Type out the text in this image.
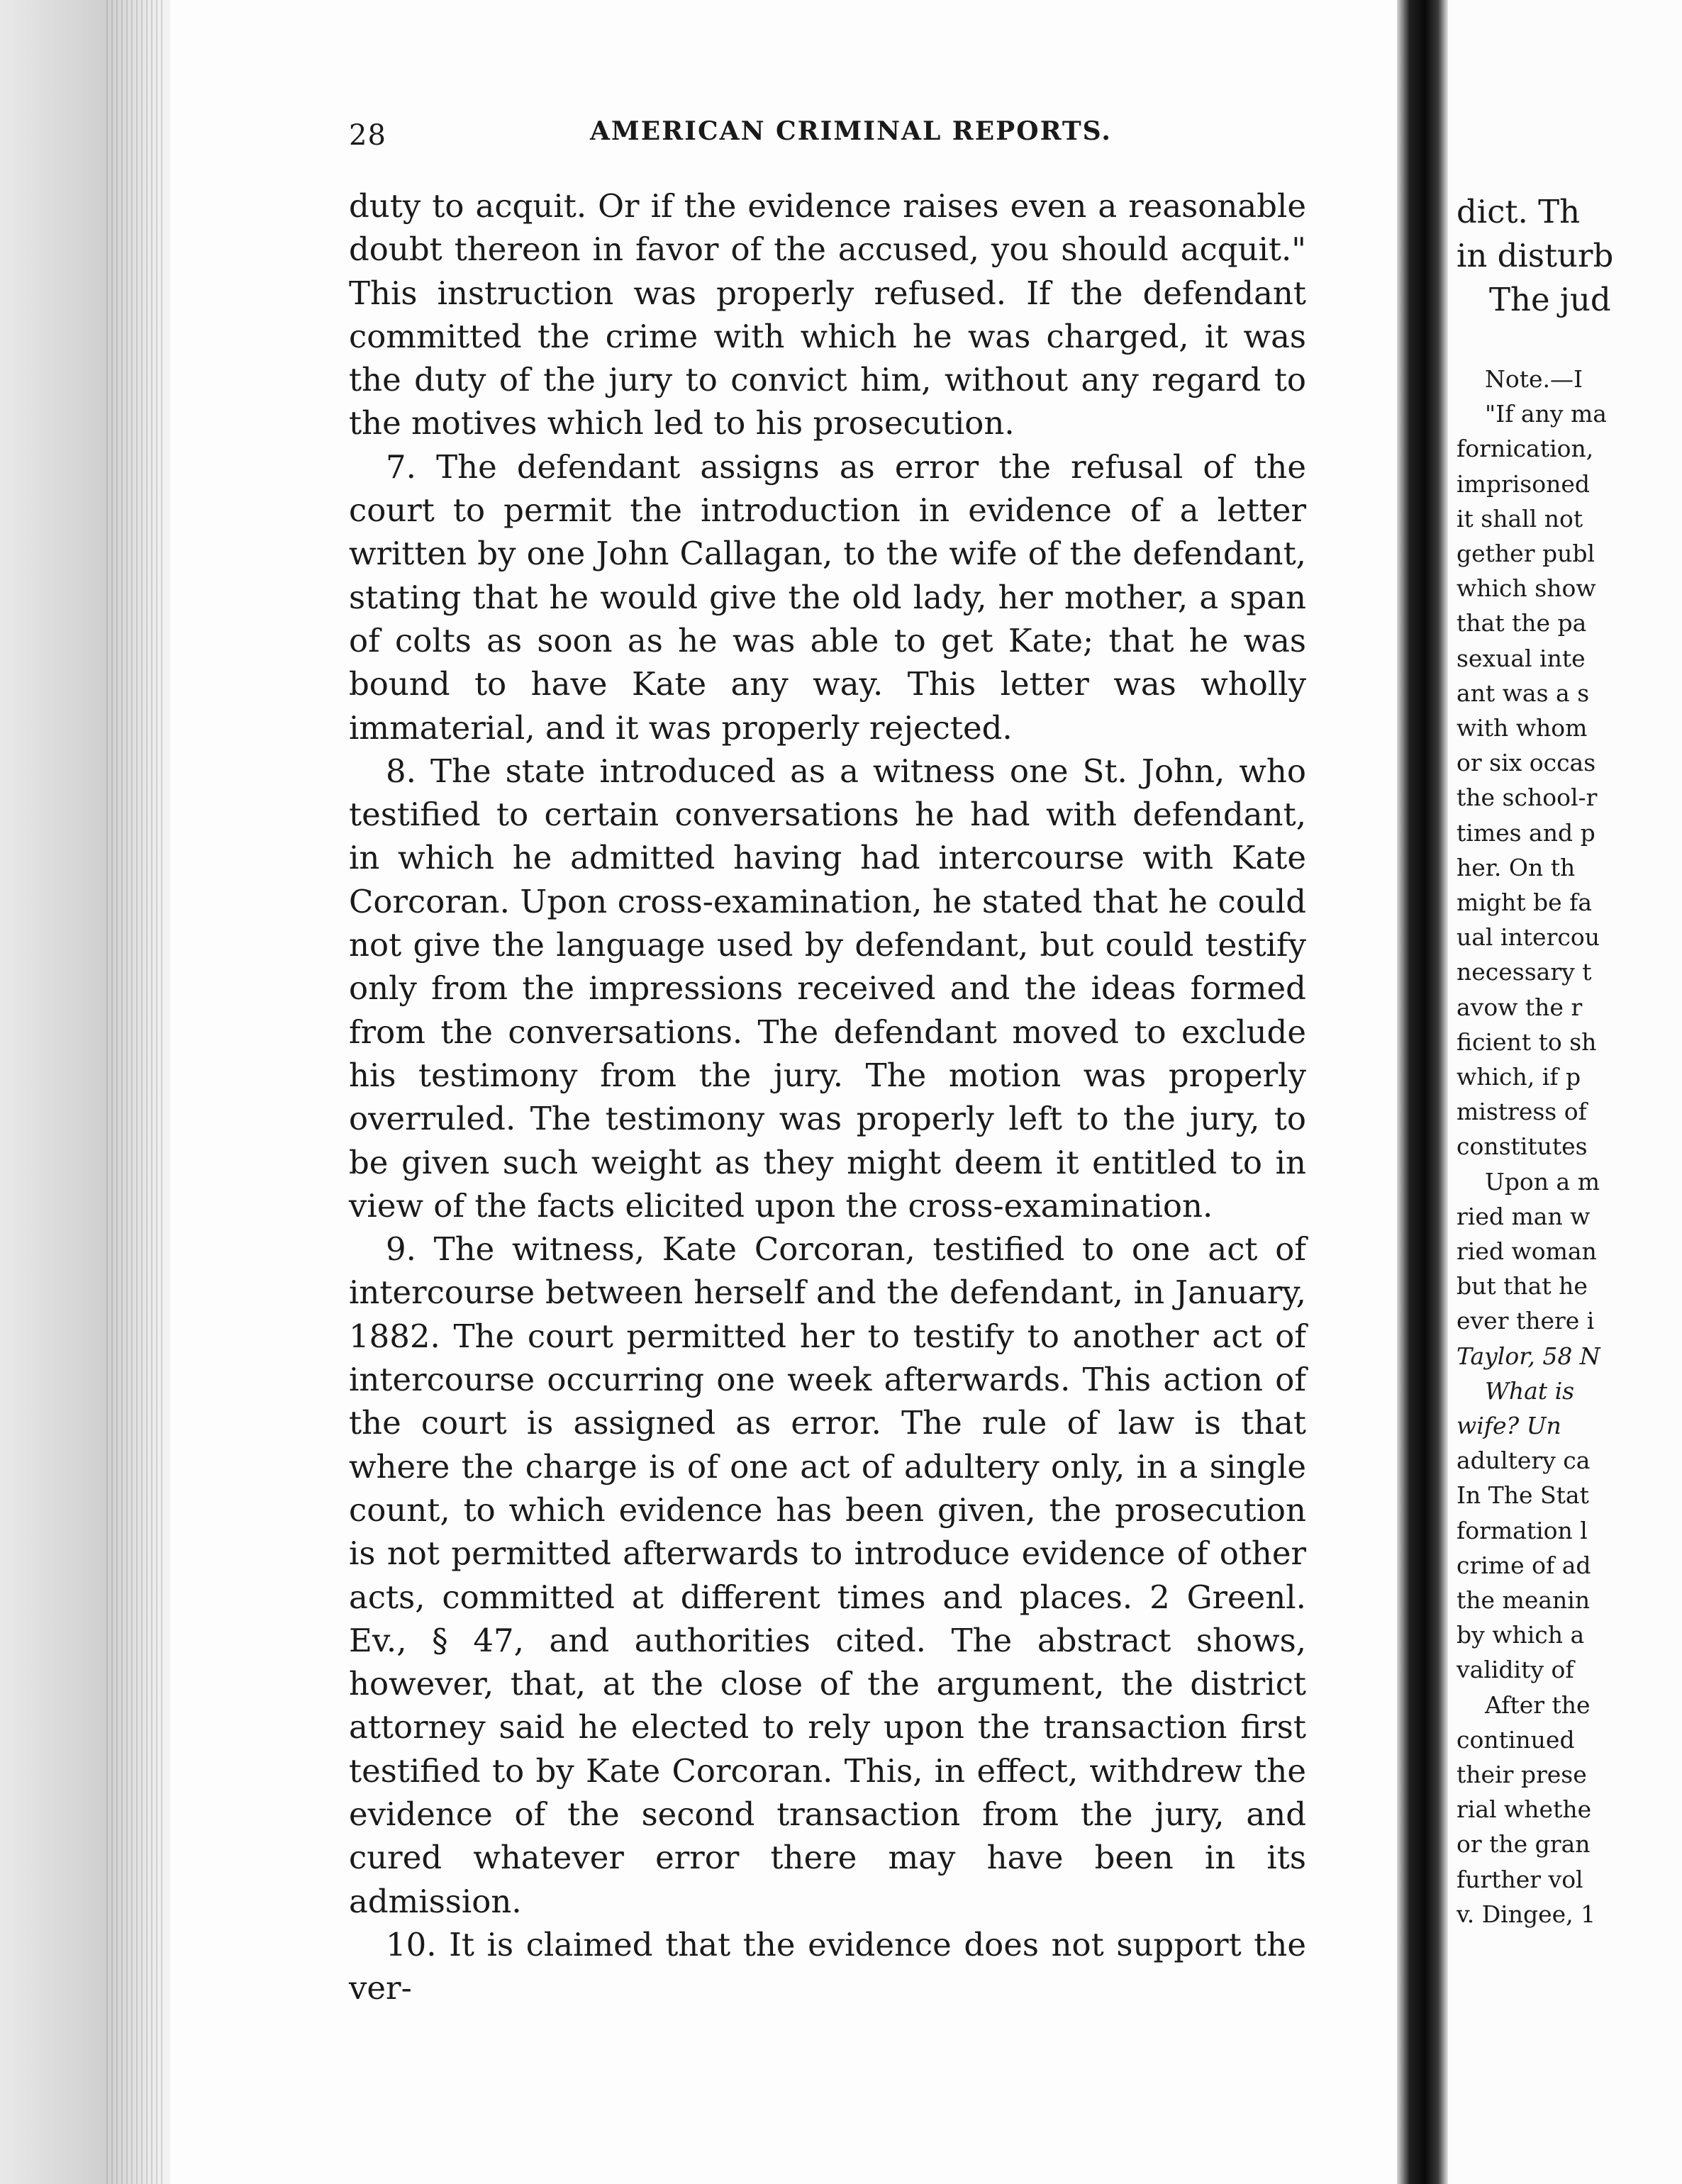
28	AMERICAN CRIMINAL REPORTS.

duty to acquit. Or if the evidence raises even a reasonable doubt thereon in favor of the accused, you should acquit." This instruction was properly refused. If the defendant committed the crime with which he was charged, it was the duty of the jury to convict him, without any regard to the motives which led to his prosecution.

7. The defendant assigns as error the refusal of the court to permit the introduction in evidence of a letter written by one John Callagan, to the wife of the defendant, stating that he would give the old lady, her mother, a span of colts as soon as he was able to get Kate; that he was bound to have Kate any way. This letter was wholly immaterial, and it was properly rejected.

8. The state introduced as a witness one St. John, who testified to certain conversations he had with defendant, in which he admitted having had intercourse with Kate Corcoran. Upon cross-examination, he stated that he could not give the language used by defendant, but could testify only from the impressions received and the ideas formed from the conversations. The defendant moved to exclude his testimony from the jury. The motion was properly overruled. The testimony was properly left to the jury, to be given such weight as they might deem it entitled to in view of the facts elicited upon the cross-examination.

9. The witness, Kate Corcoran, testified to one act of intercourse between herself and the defendant, in January, 1882. The court permitted her to testify to another act of intercourse occurring one week afterwards. This action of the court is assigned as error. The rule of law is that where the charge is of one act of adultery only, in a single count, to which evidence has been given, the prosecution is not permitted afterwards to introduce evidence of other acts, committed at different times and places. 2 Greenl. Ev., § 47, and authorities cited. The abstract shows, however, that, at the close of the argument, the district attorney said he elected to rely upon the transaction first testified to by Kate Corcoran. This, in effect, withdrew the evidence of the second transaction from the jury, and cured whatever error there may have been in its admission.

10. It is claimed that the evidence does not support the ver-

dict. Th
in disturb
The jud
Note.—I
"If any ma
fornication,
imprisoned
it shall not
gether publ
which show
that the pa
sexual inte
ant was a s
with whom
or six occas
the school-r
times and p
her. On th
might be fa
ual intercou
necessary t
avow the r
ficient to sh
which, if p
mistress of
constitutes
Upon a m
ried man w
ried woman
but that he
ever there i
Taylor, 58 N
What is
wife? Un
adultery ca
In The Stat
formation l
crime of ad
the meanin
by which a
validity of
After the
continued
their prese
rial whethe
or the gran
further vol
v. Dingee, 1
